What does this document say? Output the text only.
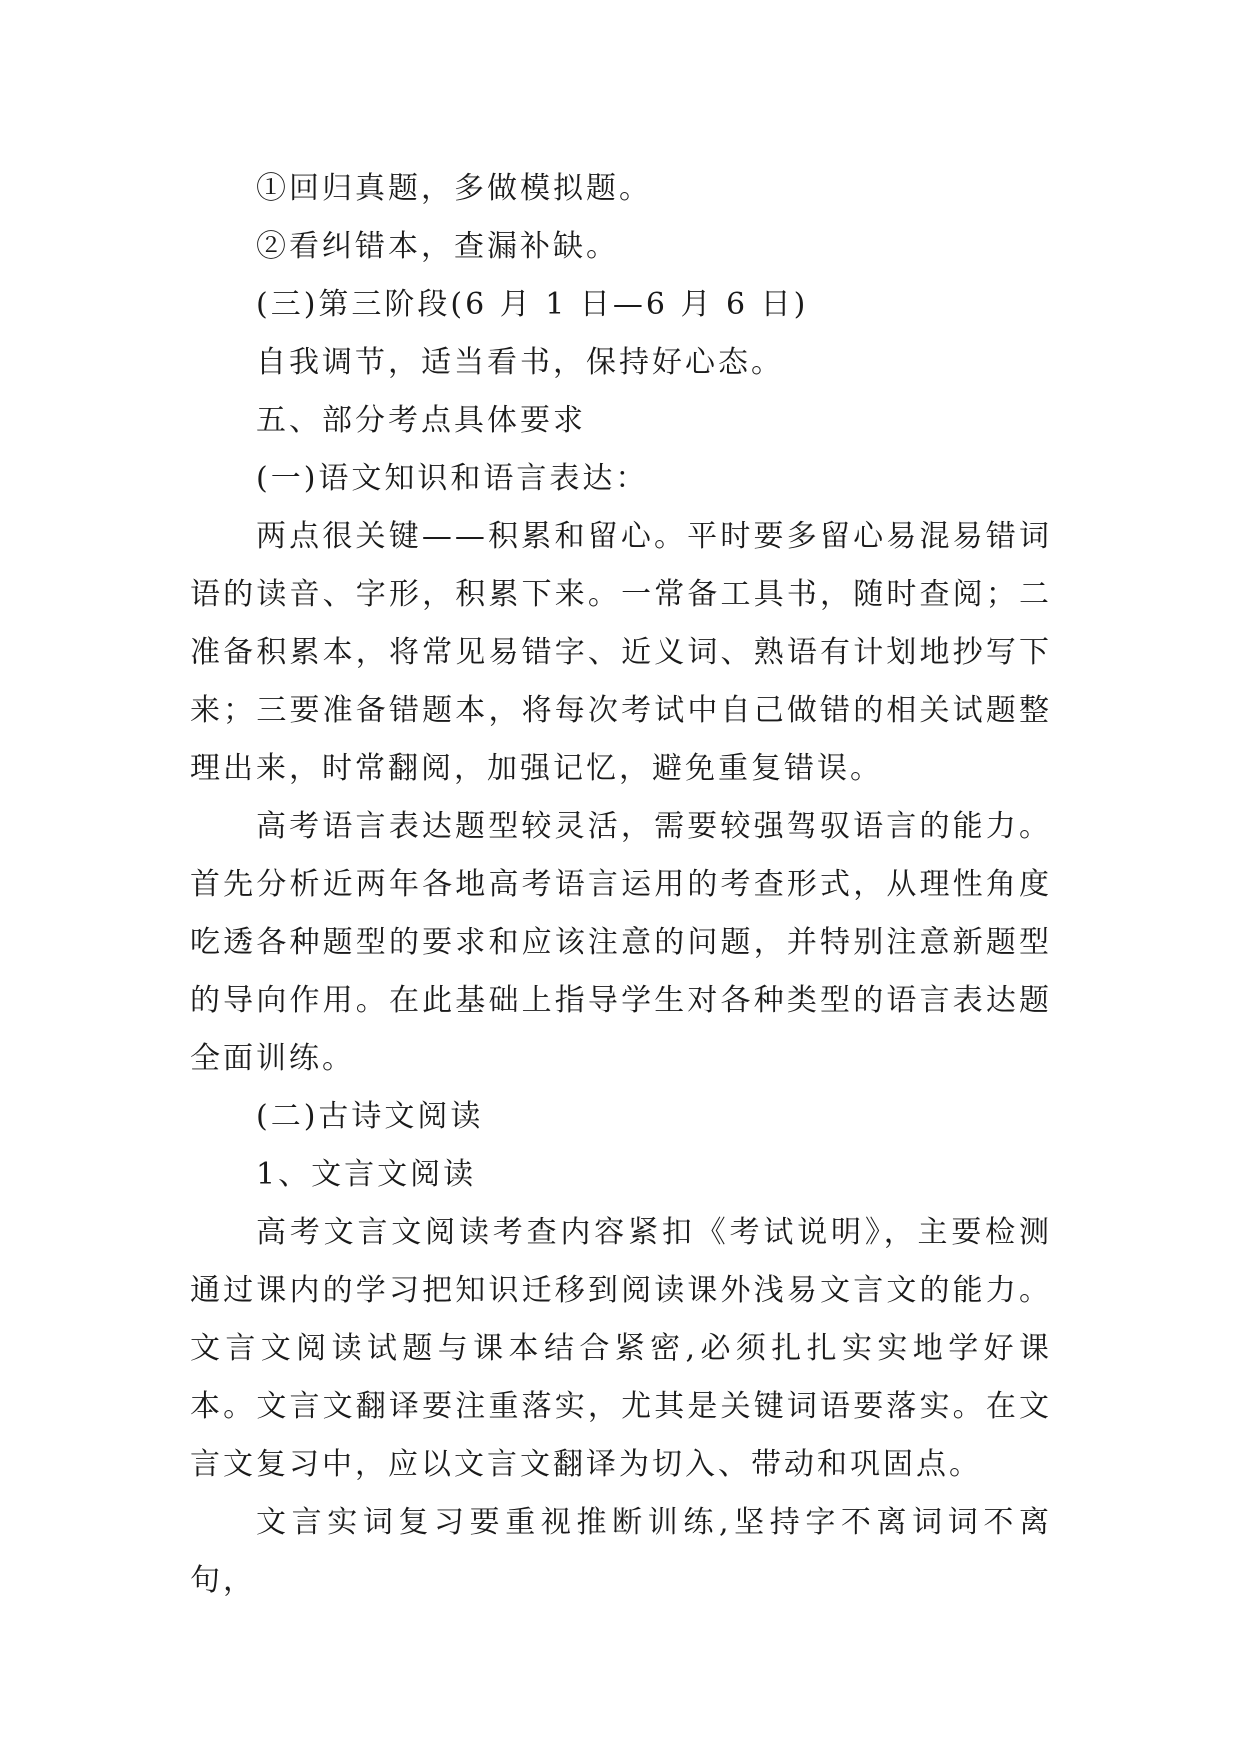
①回归真题，多做模拟题。

②看纠错本，查漏补缺。

(三)第三阶段(6 月 1 日—6 月 6 日)

自我调节，适当看书，保持好心态。

五、部分考点具体要求

(一)语文知识和语言表达：

两点很关键——积累和留心。平时要多留心易混易错词语的读音、字形，积累下来。一常备工具书，随时查阅；二准备积累本，将常见易错字、近义词、熟语有计划地抄写下来；三要准备错题本，将每次考试中自己做错的相关试题整理出来，时常翻阅，加强记忆，避免重复错误。

高考语言表达题型较灵活，需要较强驾驭语言的能力。首先分析近两年各地高考语言运用的考查形式，从理性角度吃透各种题型的要求和应该注意的问题，并特别注意新题型的导向作用。在此基础上指导学生对各种类型的语言表达题全面训练。

(二)古诗文阅读

1、文言文阅读

高考文言文阅读考查内容紧扣《考试说明》，主要检测通过课内的学习把知识迁移到阅读课外浅易文言文的能力。文言文阅读试题与课本结合紧密,必须扎扎实实地学好课本。文言文翻译要注重落实，尤其是关键词语要落实。在文言文复习中，应以文言文翻译为切入、带动和巩固点。

文言实词复习要重视推断训练,坚持字不离词词不离句，
